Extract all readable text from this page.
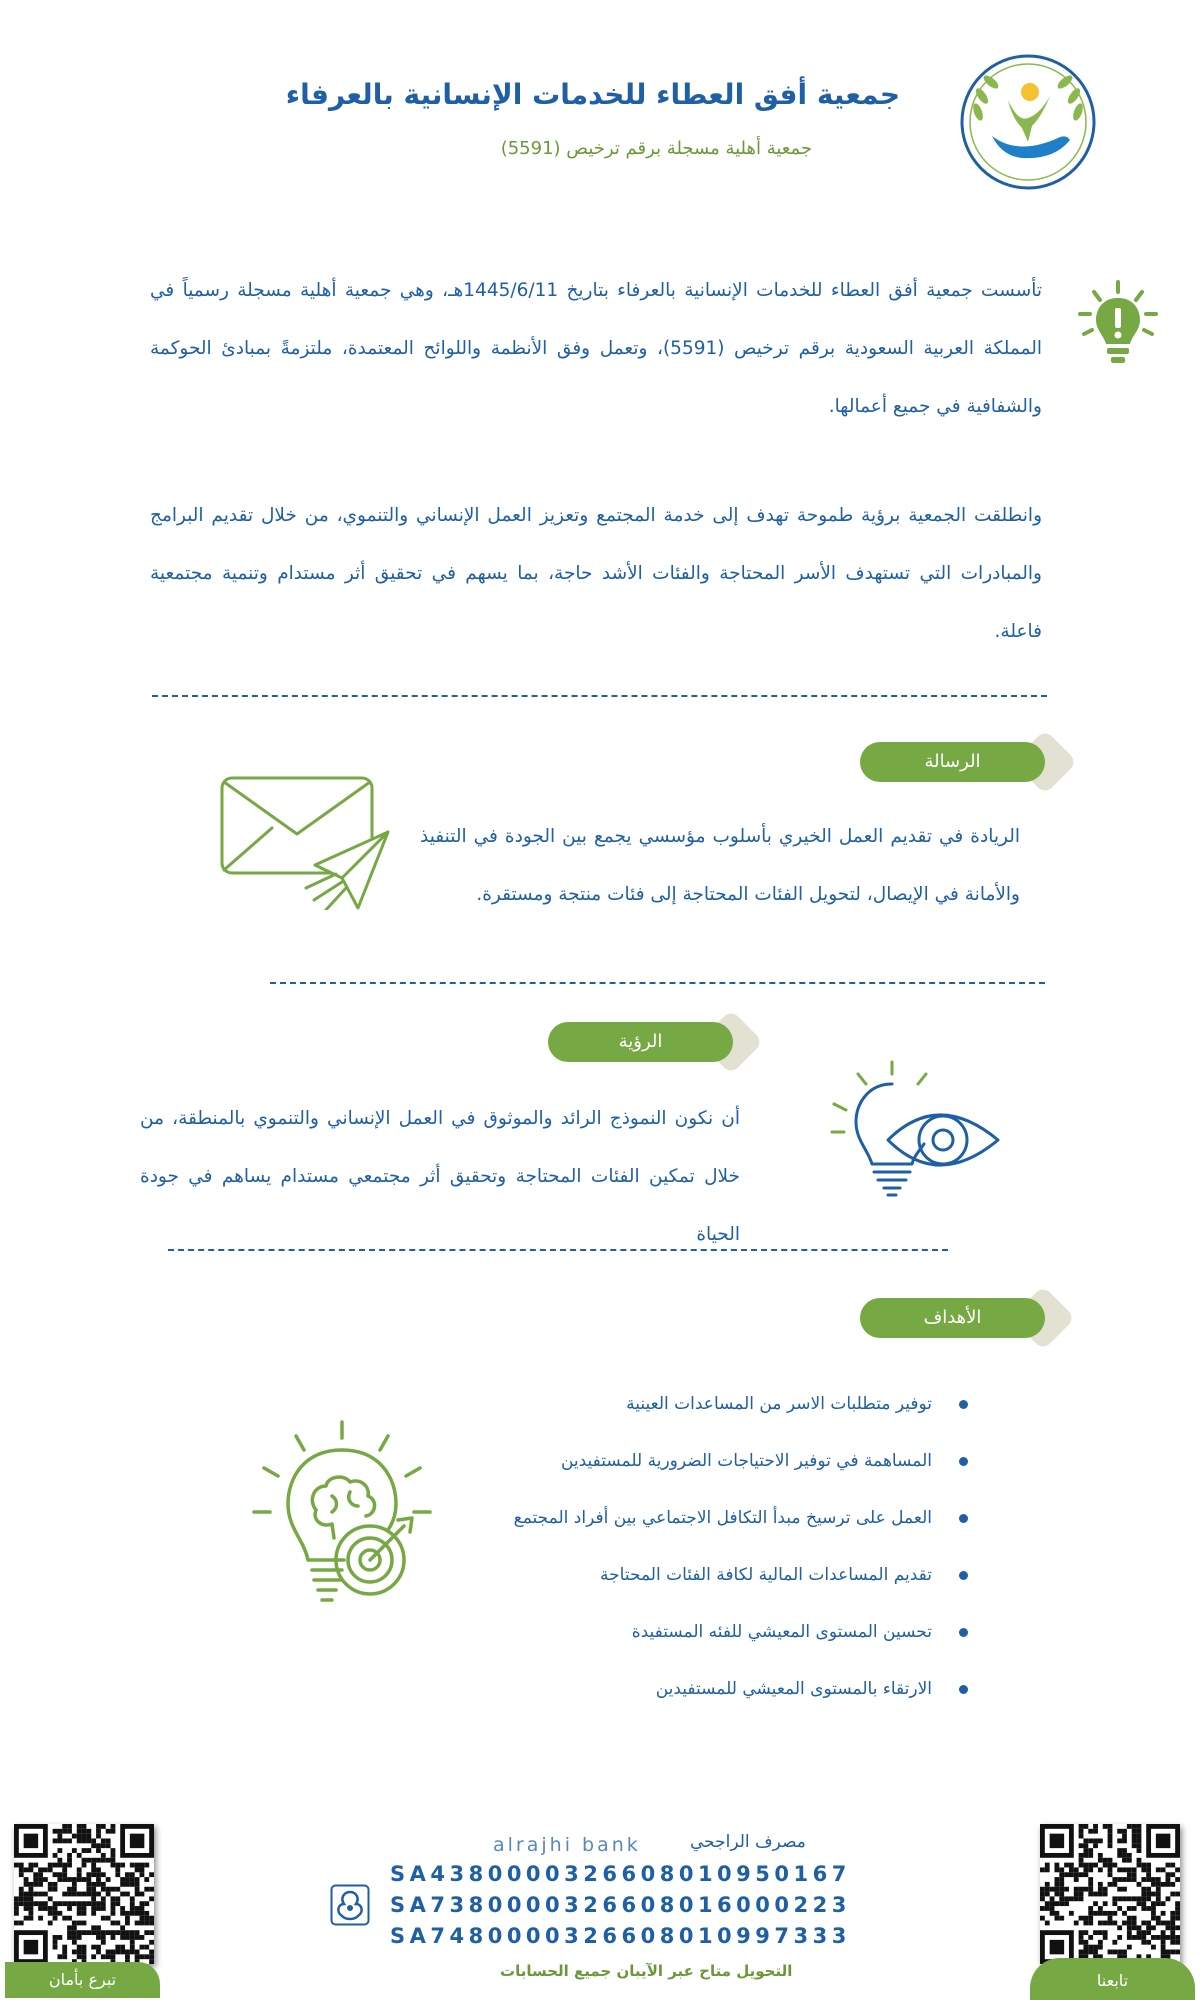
جمعية أفق العطاء للخدمات الإنسانية بالعرفاء
جمعية أهلية مسجلة برقم ترخيص (5591)

تأسست جمعية أفق العطاء للخدمات الإنسانية بالعرفاء بتاريخ 1445/6/11هـ، وهي جمعية أهلية مسجلة رسمياً في المملكة العربية السعودية برقم ترخيص (5591)، وتعمل وفق الأنظمة واللوائح المعتمدة، ملتزمةً بمبادئ الحوكمة والشفافية في جميع أعمالها.

وانطلقت الجمعية برؤية طموحة تهدف إلى خدمة المجتمع وتعزيز العمل الإنساني والتنموي، من خلال تقديم البرامج والمبادرات التي تستهدف الأسر المحتاجة والفئات الأشد حاجة، بما يسهم في تحقيق أثر مستدام وتنمية مجتمعية فاعلة.

الرسالة

الريادة في تقديم العمل الخيري بأسلوب مؤسسي يجمع بين الجودة في التنفيذ والأمانة في الإيصال، لتحويل الفئات المحتاجة إلى فئات منتجة ومستقرة.

الرؤية

أن نكون النموذج الرائد والموثوق في العمل الإنساني والتنموي بالمنطقة، من خلال تمكين الفئات المحتاجة وتحقيق أثر مجتمعي مستدام يساهم في جودة الحياة

الأهداف
توفير متطلبات الاسر من المساعدات العينية
المساهمة في توفير الاحتياجات الضرورية للمستفيدين
العمل على ترسيخ مبدأ التكافل الاجتماعي بين أفراد المجتمع
تقديم المساعدات المالية لكافة الفئات المحتاجة
تحسين المستوى المعيشي للفئه المستفيدة
الارتقاء بالمستوى المعيشي للمستفيدين
تبرع بأمان	تابعنا
alrajhi bank	مصرف الراجحي
SA4380000326608010950167
SA7380000326608016000223
SA7480000326608010997333
التحويل متاح عبر الآيبان جميع الحسابات
